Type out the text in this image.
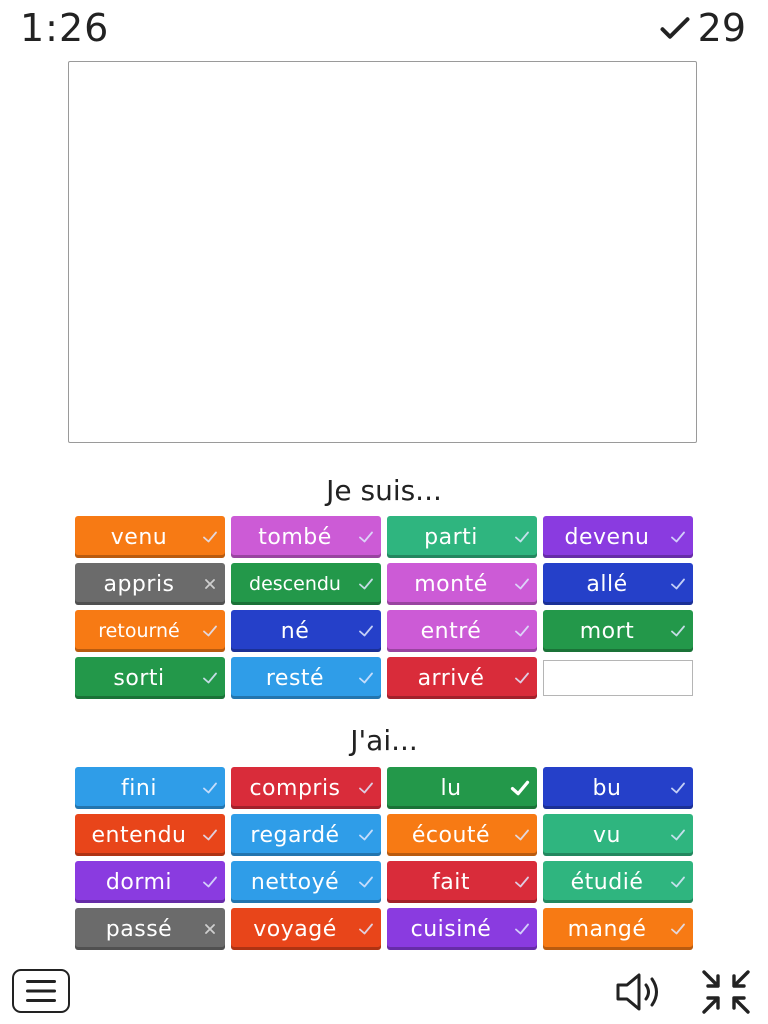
1:26	29
Je suis...
venu	tombé	parti	devenu
appris	descendu	monté	allé
retourné	né	entré	mort
sorti	resté	arrivé
J'ai...
fini	compris	lu	bu
entendu	regardé	écouté	vu
dormi	nettoyé	fait	étudié
passé	voyagé	cuisiné	mangé
